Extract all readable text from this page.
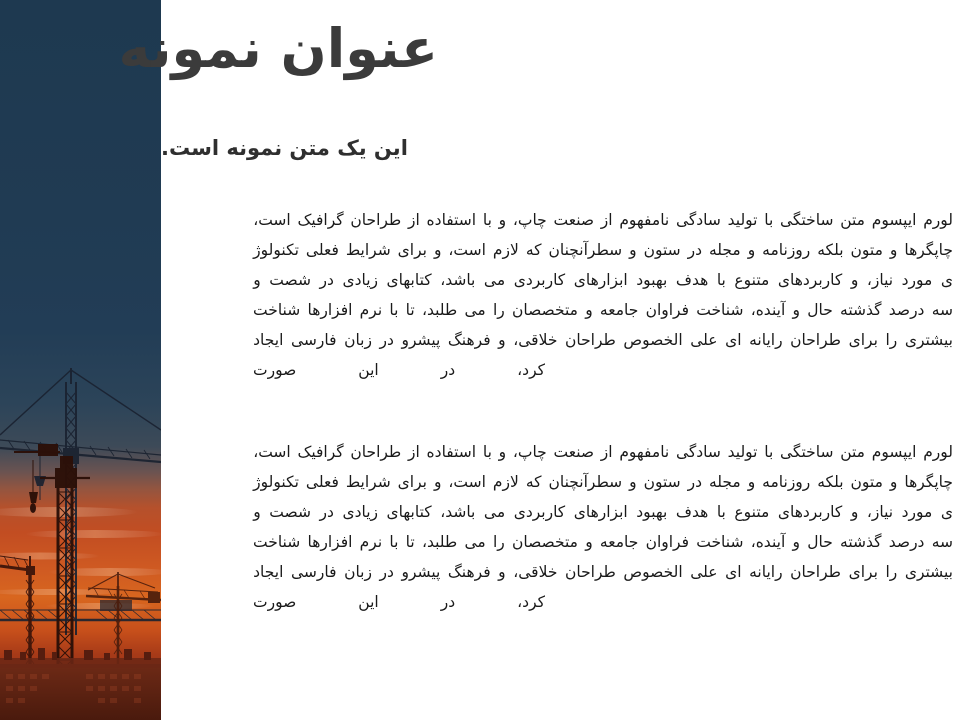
عنوان نمونه
این یک متن نمونه است.

لورم
ایپسوم
متن
ساختگی
با
تولید
سادگی
نامفهوم
از
صنعت
چاپ،
و
با
استفاده
از
طراحان
گرافیک
است،
چاپگرها
و
متون
بلکه
روزنامه
و
مجله
در
ستون
و
سطرآنچنان
که
لازم
است،
و
برای
شرایط
فعلی
تکنولوژ
ی
مورد
نیاز،
و
کاربردهای
متنوع
با
هدف
بهبود
ابزارهای
کاربردی
می
باشد،
کتابهای
زیادی
در
شصت
و
سه
درصد
گذشته
حال
و
آینده،
شناخت
فراوان
جامعه
و
متخصصان
را
می
طلبد،
تا
با
نرم
افزارها
شناخت
بیشتری
را
برای
طراحان
رایانه
ای
علی
الخصوص
طراحان
خلاقی،
و
فرهنگ
پیشرو
در
زبان
فارسی
ایجاد
کرد، در این صورت

لورم
ایپسوم
متن
ساختگی
با
تولید
سادگی
نامفهوم
از
صنعت
چاپ،
و
با
استفاده
از
طراحان
گرافیک
است،
چاپگرها
و
متون
بلکه
روزنامه
و
مجله
در
ستون
و
سطرآنچنان
که
لازم
است،
و
برای
شرایط
فعلی
تکنولوژ
ی
مورد
نیاز،
و
کاربردهای
متنوع
با
هدف
بهبود
ابزارهای
کاربردی
می
باشد،
کتابهای
زیادی
در
شصت
و
سه
درصد
گذشته
حال
و
آینده،
شناخت
فراوان
جامعه
و
متخصصان
را
می
طلبد،
تا
با
نرم
افزارها
شناخت
بیشتری
را
برای
طراحان
رایانه
ای
علی
الخصوص
طراحان
خلاقی،
و
فرهنگ
پیشرو
در
زبان
فارسی
ایجاد
کرد، در این صورت
